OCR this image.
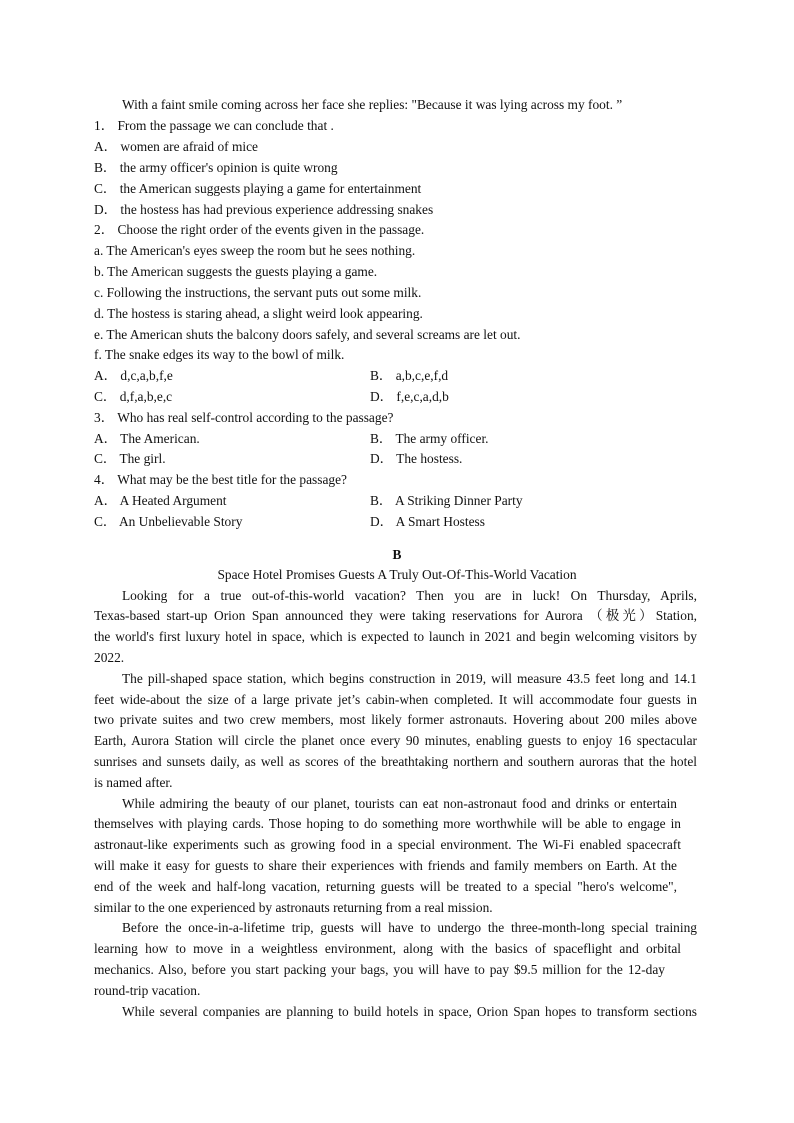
With a faint smile coming across her face she replies: "Because it was lying across my foot. ”

1． From the passage we can conclude that .

A． women are afraid of mice

B． the army officer's opinion is quite wrong

C． the American suggests playing a game for entertainment

D． the hostess has had previous experience addressing snakes

2． Choose the right order of the events given in the passage.

a. The American's eyes sweep the room but he sees nothing.

b. The American suggests the guests playing a game.

c. Following the instructions, the servant puts out some milk.

d. The hostess is staring ahead, a slight weird look appearing.

e. The American shuts the balcony doors safely, and several screams are let out.

f. The snake edges its way to the bowl of milk.

A． d,c,a,b,f,e	B． a,b,c,e,f,d

C． d,f,a,b,e,c	D． f,e,c,a,d,b

3． Who has real self-control according to the passage?

A． The American.	B． The army officer.

C． The girl.	D． The hostess.

4． What may be the best title for the passage?

A． A Heated Argument	B． A Striking Dinner Party

C． An Unbelievable Story	D． A Smart Hostess

B

Space Hotel Promises Guests A Truly Out-Of-This-World Vacation

Looking for a true out-of-this-world vacation? Then you are in luck! On Thursday, Aprils,

Texas-based start-up Orion Span announced they were taking reservations for Aurora （极光）Station,

the world's first luxury hotel in space, which is expected to launch in 2021 and begin welcoming visitors by

2022.

The pill-shaped space station, which begins construction in 2019, will measure 43.5 feet long and 14.1

feet wide-about the size of a large private jet’s cabin-when completed. It will accommodate four guests in

two private suites and two crew members, most likely former astronauts. Hovering about 200 miles above

Earth, Aurora Station will circle the planet once every 90 minutes, enabling guests to enjoy 16 spectacular

sunrises and sunsets daily, as well as scores of the breathtaking northern and southern auroras that the hotel

is named after.

While admiring the beauty of our planet, tourists can eat non-astronaut food and drinks or entertain

themselves with playing cards. Those hoping to do something more worthwhile will be able to engage in

astronaut-like experiments such as growing food in a special environment. The Wi-Fi enabled spacecraft

will make it easy for guests to share their experiences with friends and family members on Earth. At the

end of the week and half-long vacation, returning guests will be treated to a special "hero's welcome",

similar to the one experienced by astronauts returning from a real mission.

Before the once-in-a-lifetime trip, guests will have to undergo the three-month-long special training

learning how to move in a weightless environment, along with the basics of spaceflight and orbital

mechanics. Also, before you start packing your bags, you will have to pay $9.5 million for the 12-day

round-trip vacation.

While several companies are planning to build hotels in space, Orion Span hopes to transform sections
